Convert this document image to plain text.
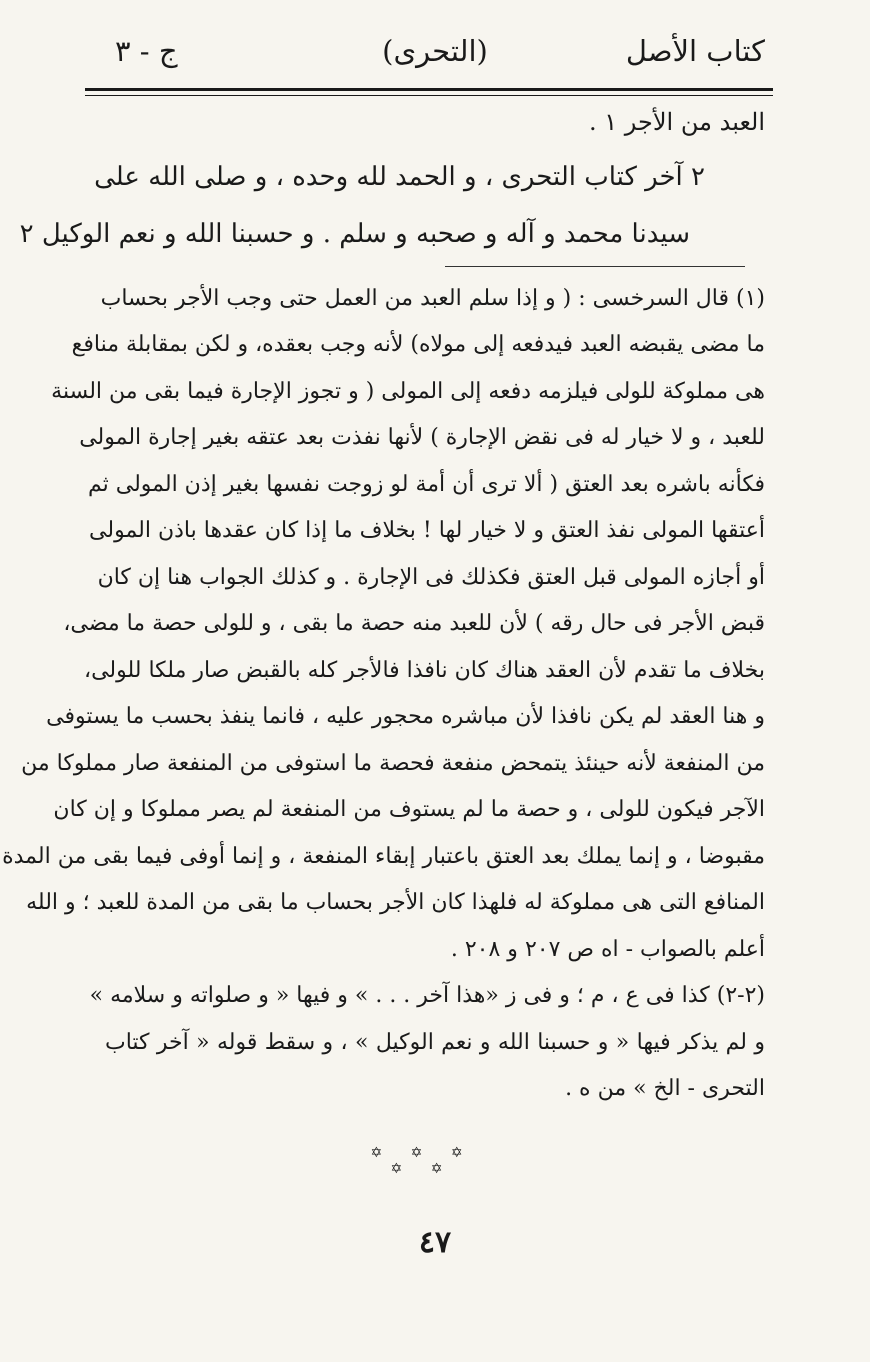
كتاب الأصل
(التحرى)
ج - ٣
العبد من الأجر ١ .
٢ آخر كتاب التحرى ، و الحمد لله وحده ، و صلى الله على
سيدنا محمد و آله و صحبه و سلم . و حسبنا الله و نعم الوكيل ٢
(١) قال السرخسى : ( و إذا سلم العبد من العمل حتى وجب الأجر بحساب
ما مضى يقبضه العبد فيدفعه إلى مولاه) لأنه وجب بعقده، و لكن بمقابلة منافع
هى مملوكة للولى فيلزمه دفعه إلى المولى ( و تجوز الإجارة فيما بقى من السنة
للعبد ، و لا خيار له فى نقض الإجارة ) لأنها نفذت بعد عتقه بغير إجارة المولى
فكأنه باشره بعد العتق ( ألا ترى أن أمة لو زوجت نفسها بغير إذن المولى ثم
أعتقها المولى نفذ العتق و لا خيار لها ! بخلاف ما إذا كان عقدها باذن المولى
أو أجازه المولى قبل العتق فكذلك فى الإجارة . و كذلك الجواب هنا إن كان
قبض الأجر فى حال رقه ) لأن للعبد منه حصة ما بقى ، و للولى حصة ما مضى،
بخلاف ما تقدم لأن العقد هناك كان نافذا فالأجر كله بالقبض صار ملكا للولى،
و هنا العقد لم يكن نافذا لأن مباشره محجور عليه ، فانما ينفذ بحسب ما يستوفى
من المنفعة لأنه حينئذ يتمحض منفعة فحصة ما استوفى من المنفعة صار مملوكا من
الآجر فيكون للولى ، و حصة ما لم يستوف من المنفعة لم يصر مملوكا و إن كان
مقبوضا ، و إنما يملك بعد العتق باعتبار إبقاء المنفعة ، و إنما أوفى فيما بقى من المدة
المنافع التى هى مملوكة له فلهذا كان الأجر بحساب ما بقى من المدة للعبد ؛ و الله
أعلم بالصواب - اه ص ٢٠٧ و ٢٠٨ .
(٢-٢) كذا فى ع ، م ؛ و فى ز «هذا آخر . . . » و فيها « و صلواته و سلامه »
و لم يذكر فيها « و حسبنا الله و نعم الوكيل » ، و سقط قوله « آخر كتاب
التحرى - الخ » من ه .
✡ ✡ ✡ ✡ ✡
٤٧
